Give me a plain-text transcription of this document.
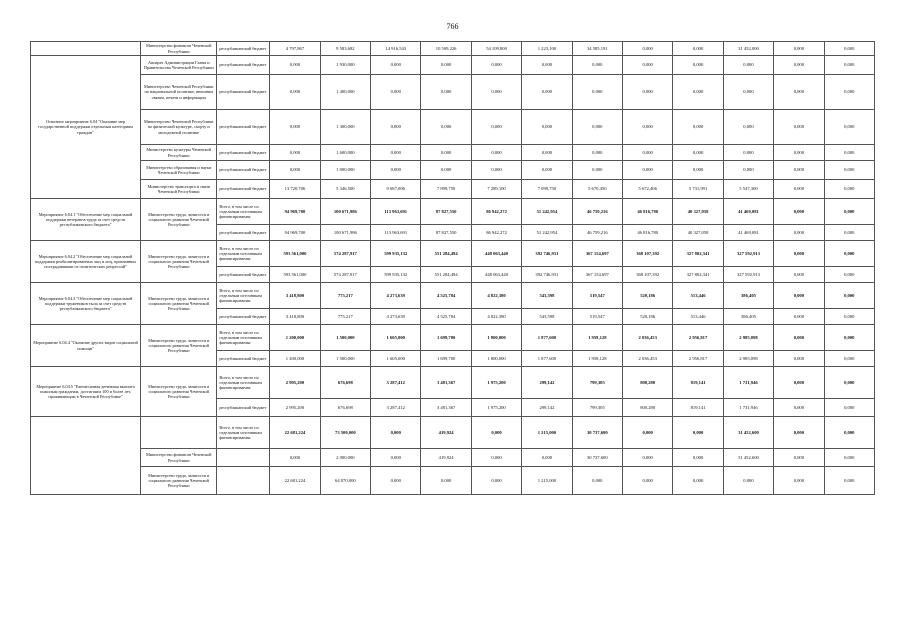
766
	Министерство финансов Чеченской Республики	республиканский бюджет	4 797,867	9 583,682	14 916,543	10 509,226	54 109,800	1 223,100	34 585,191	0,000	0,000	31 452,000	0,000	0,000
Основное мероприятие 6.04 "Оказание мер государственной поддержки отдельным категориям граждан"	Аппарат Администрации Главы и Правительства Чеченской Республики	республиканский бюджет	0,000	1 930,000	0,000	0,000	0,000	0,000	0,000	0,000	0,000	0,000	0,000	0,000
	Министерство Чеченской Республики по национальной политике, внешним связям, печати и информации	республиканский бюджет	0,000	1 400,000	0,000	0,000	0,000	0,000	0,000	0,000	0,000	0,000	0,000	0,000
	Министерство Чеченской Республики по физической культуре, спорту и молодежной политике	республиканский бюджет	0,000	1 300,000	0,000	0,000	0,000	0,000	0,000	0,000	0,000	0,000	0,000	0,000
	Министерство культуры Чеченской Республики	республиканский бюджет	0,000	1 600,000	0,000	0,000	0,000	0,000	0,000	0,000	0,000	0,000	0,000	0,000
	Министерство образования и науки Чеченской Республики	республиканский бюджет	0,000	1 000,000	0,000	0,000	0,000	0,000	0,000	0,000	0,000	0,000	0,000	0,000
	Министерство транспорта и связи Чеченской Республики	республиканский бюджет	13 720,706	5 346,500	9 687,006	7 899,750	7 289,100	7 099,750	5 670,450	5 672,406	5 731,991	5 547,300	0,000	0,000
Мероприятие 6.04.1 "Обеспечение мер социальной поддержки ветеранов труда за счет средств республиканского бюджета"	Министерство труда, занятости и социального развития Чеченской Республики	Всего, в том числе по отдельным источникам финансирования:	94 969,700	100 671,986	113 963,691	87 827,550	86 942,272	51 242,954	46 759,216	46 816,780	40 327,058	41 469,081	0,000	0,000
		республиканский бюджет	94 969,700	100 671,986	113 963,691	87 827,550	86 942,272	51 242,954	46 759,216	46 816,780	40 327,058	41 469,081	0,000	0,000
Мероприятие 6.04.2 "Обеспечение мер социальной поддержки реабилитированных лиц и лиц, признанных пострадавшими от политических репрессий"	Министерство труда, занятости и социального развития Чеченской Республики	Всего, в том числе по отдельным источникам финансирования:	593 561,000	574 287,917	599 935,132	551 284,494	448 063,440	392 746,931	367 154,697	368 107,392	327 802,341	327 592,913	0,000	0,000
		республиканский бюджет	593 561,000	574 287,917	599 935,132	551 284,494	448 063,440	392 746,931	367 154,697	368 107,392	327 802,341	327 592,913	0,000	0,000
Мероприятие 6.04.3 "Обеспечение мер социальной поддержки тружеников тыла за счет средств республиканского бюджета"	Министерство труда, занятости и социального развития Чеченской Республики	Всего, в том числе по отдельным источникам финансирования:	3 418,800	775,217	4 273,639	4 525,784	4 822,380	543,598	519,547	520,186	513,446	386,405	0,000	0,000
		республиканский бюджет	3 418,800	775,217	4 273,639	4 525,784	4 822,380	543,598	519,547	520,186	513,446	386,405	0,000	0,000
Мероприятие 6.04.4 "Оказание других видов социальной помощи"	Министерство труда, занятости и социального развития Чеченской Республики	Всего, в том числе по отдельным источникам финансирования:	1 200,000	1 500,000	1 605,000	1 699,700	1 800,000	1 877,600	1 958,128	2 036,453	2 956,817	2 985,098	0,000	0,000
		республиканский бюджет	1 200,000	1 500,000	1 605,000	1 699,700	1 800,000	1 877,600	1 958,128	2 036,453	2 956,817	2 985,098	0,000	0,000
Мероприятие 6.04.5 "Ежемесячная денежная выплата пожилым гражданам, достигшим 100 и более лет, проживающим в Чеченской Республике"	Министерство труда, занятости и социального развития Чеченской Республики	Всего, в том числе по отдельным источникам финансирования:	2 995,200	676,698	3 287,412	3 481,367	1 975,200	299,142	799,305	800,280	819,141	1 731,946	0,000	0,000
		республиканский бюджет	2 995,200	676,698	3 287,412	3 481,367	1 975,200	299,142	799,305	800,280	819,141	1 731,946	0,000	0,000
		Всего, в том числе по отдельным источникам финансирования:	22 681,224	73 500,000	0,000	419,924	0,000	1 215,000	30 737,600	0,000	0,000	31 452,600	0,000	0,000
	Министерство финансов Чеченской Республики		0,000	2 000,000	0,000	419,924	0,000	0,000	30 737,600	0,000	0,000	31 452,600	0,000	0,000
	Министерство труда, занятости и социального развития Чеченской Республики		22 681,224	64 070,000	0,000	0,000	0,000	1 215,000	0,000	0,000	0,000	0,000	0,000	0,000
